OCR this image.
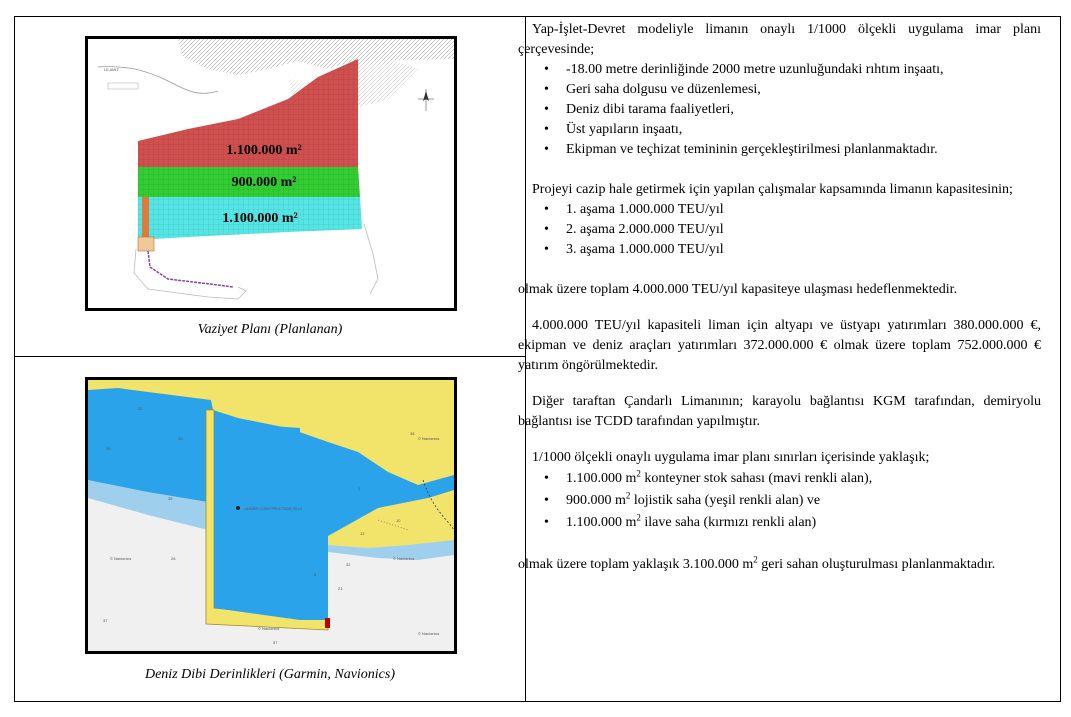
LEJANT
1.100.000 m²
900.000 m²
1.100.000 m²
Vaziyet Planı (Planlanan)
UNDER CONSTRUCTION 2013
32
26
33
35
26
32
37
37
12
2
10
5
36
21
© Navionics
© Navionics	© Navionics
© Navionics
© Navionics
Deniz Dibi Derinlikleri (Garmin, Navionics)

Yap-İşlet-Devret modeliyle limanın onaylı 1/1000 ölçekli uygulama imar planı çerçevesinde;

• -18.00 metre derinliğinde 2000 metre uzunluğundaki rıhtım inşaatı,
• Geri saha dolgusu ve düzenlemesi,
• Deniz dibi tarama faaliyetleri,
• Üst yapıların inşaatı,
• Ekipman ve teçhizat temininin gerçekleştirilmesi planlanmaktadır.

Projeyi cazip hale getirmek için yapılan çalışmalar kapsamında limanın kapasitesinin;

• 1. aşama 1.000.000 TEU/yıl
• 2. aşama 2.000.000 TEU/yıl
• 3. aşama 1.000.000 TEU/yıl

olmak üzere toplam 4.000.000 TEU/yıl kapasiteye ulaşması hedeflenmektedir.

4.000.000 TEU/yıl kapasiteli liman için altyapı ve üstyapı yatırımları 380.000.000 €, ekipman ve deniz araçları yatırımları 372.000.000 € olmak üzere toplam 752.000.000 € yatırım öngörülmektedir.

Diğer taraftan Çandarlı Limanının; karayolu bağlantısı KGM tarafından, demiryolu bağlantısı ise TCDD tarafından yapılmıştır.

1/1000 ölçekli onaylı uygulama imar planı sınırları içerisinde yaklaşık;

• 1.100.000 $m^2$ konteyner stok sahası (mavi renkli alan),
• 900.000 $m^2$ lojistik saha (yeşil renkli alan) ve
• 1.100.000 $m^2$ ilave saha (kırmızı renkli alan)

olmak üzere toplam yaklaşık 3.100.000 $m^2$ geri sahan oluşturulması planlanmaktadır.
